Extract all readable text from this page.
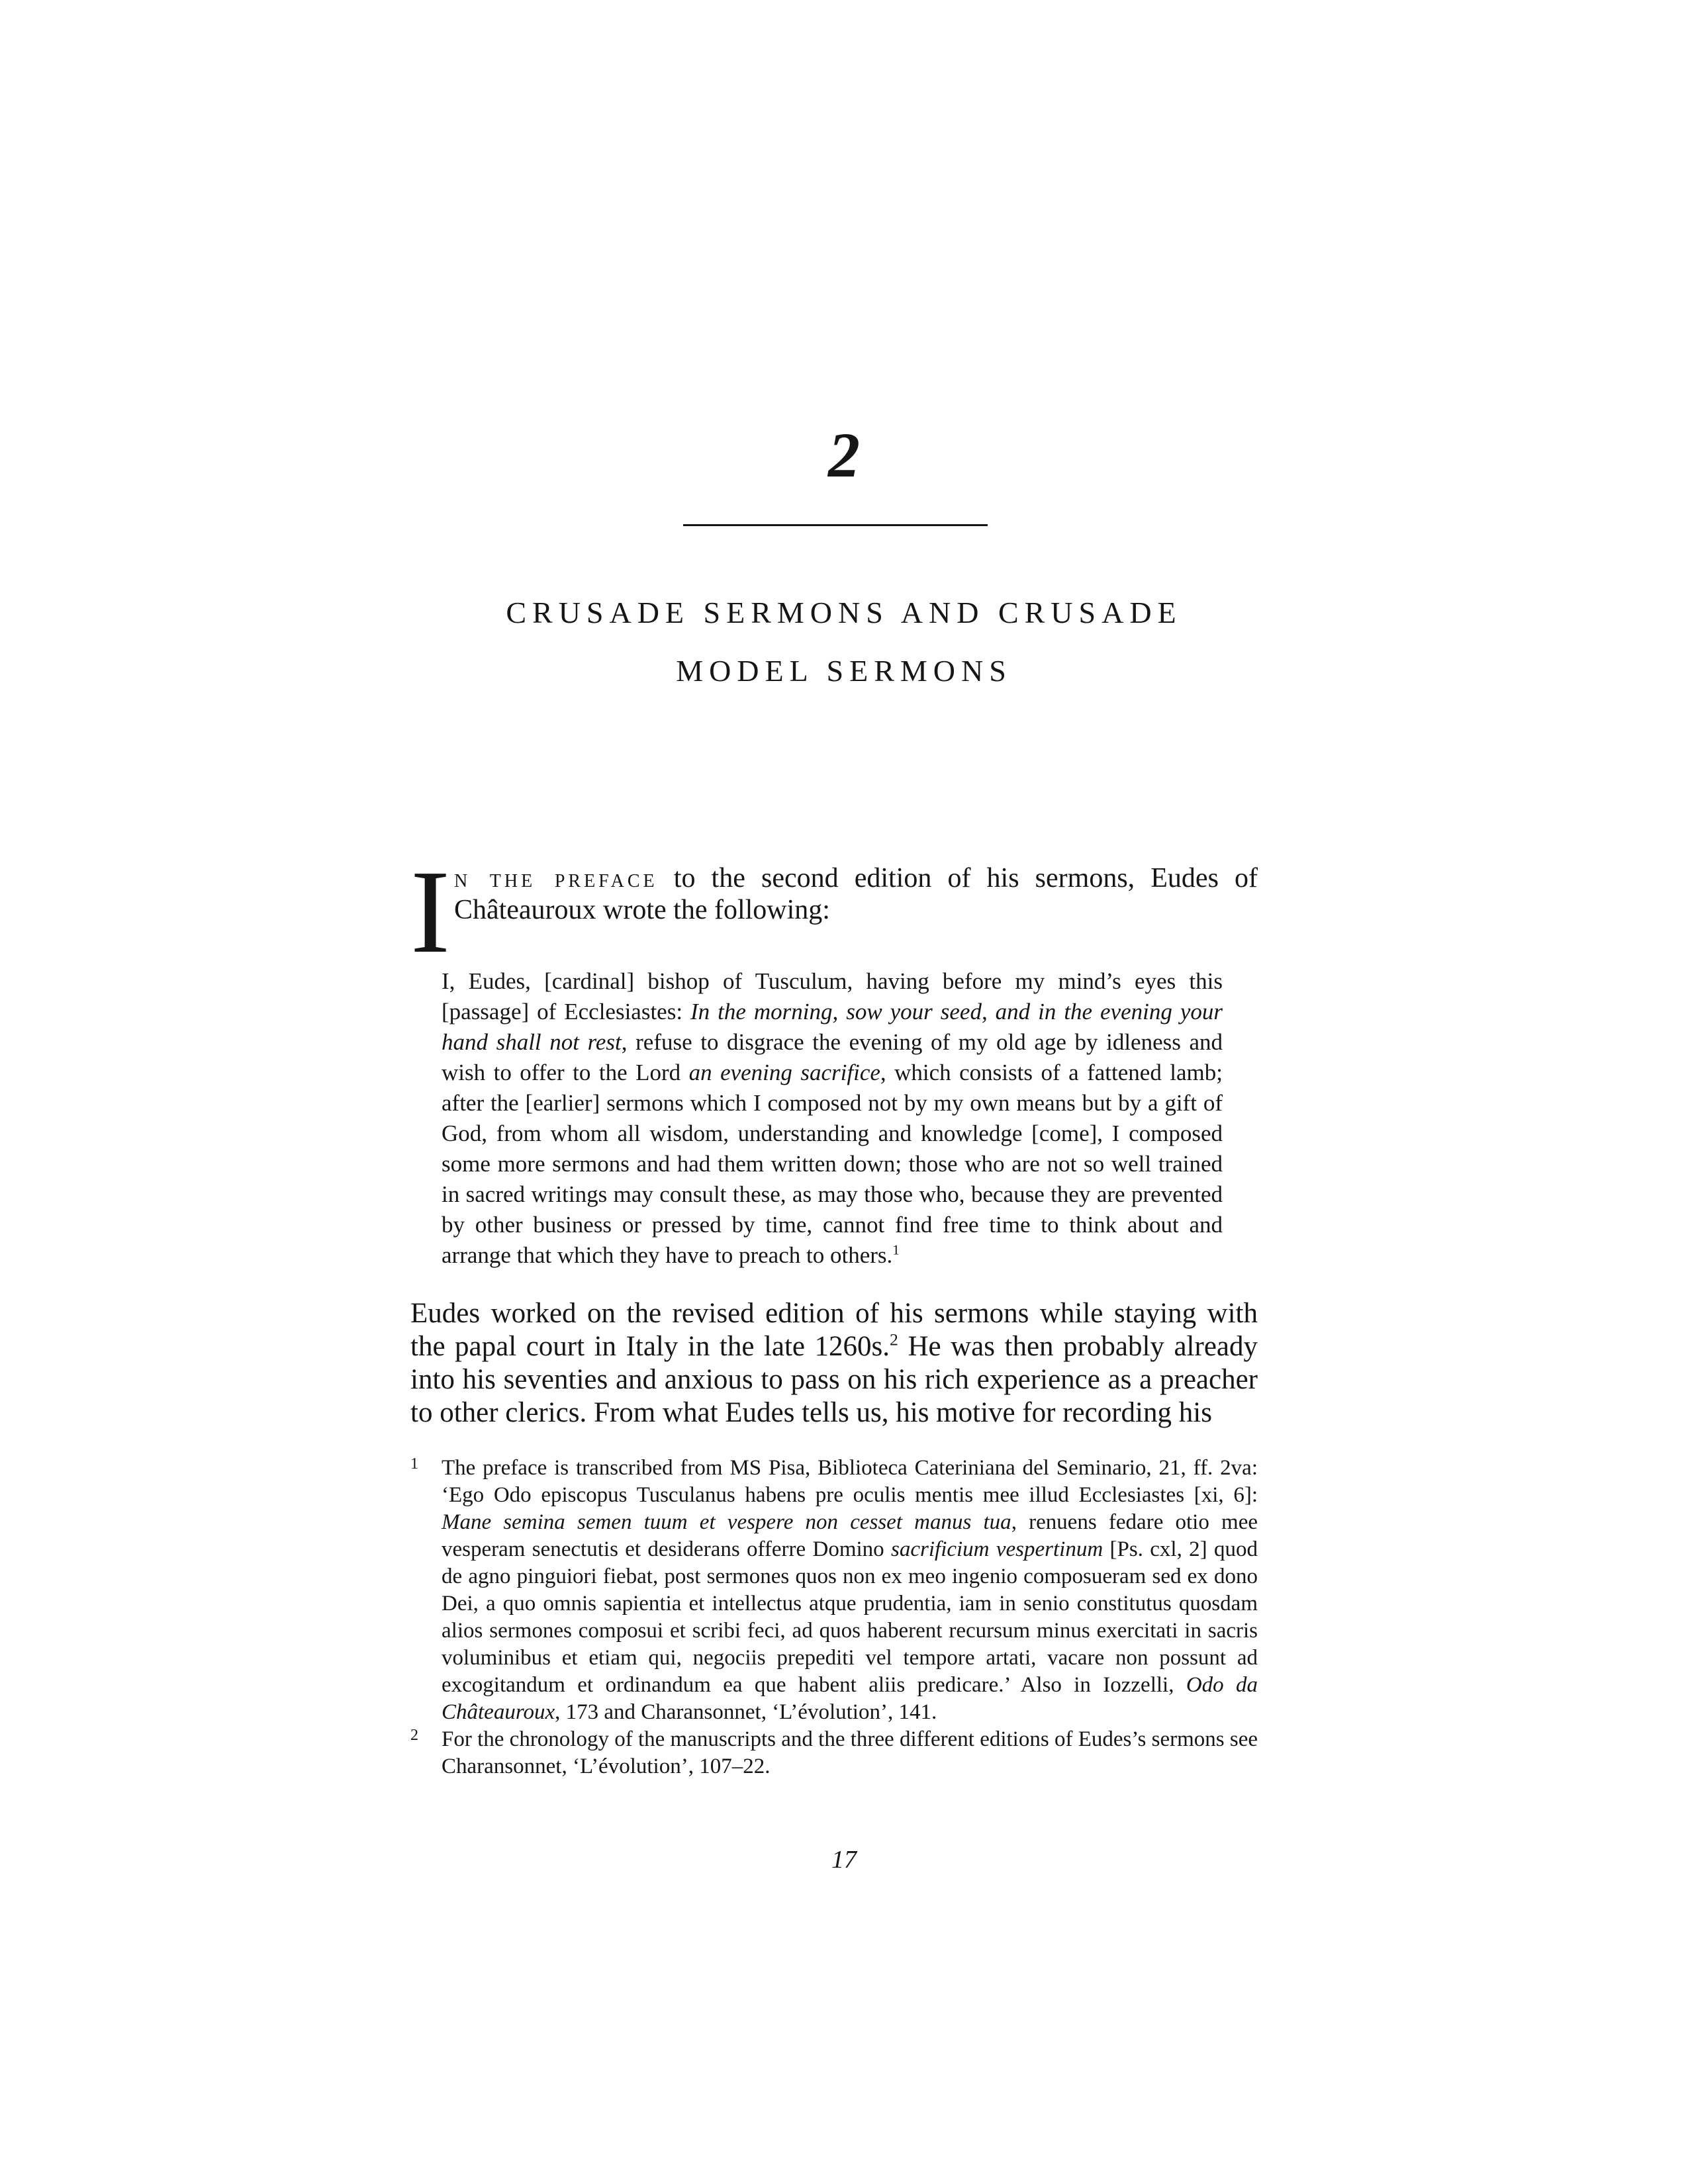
2
CRUSADE SERMONS AND CRUSADE
MODEL SERMONS
I n the preface to the second edition of his sermons, Eudes of Châteauroux wrote the following:

I, Eudes, [cardinal] bishop of Tusculum, having before my mind’s eyes this [passage] of Ecclesiastes: In the morning, sow your seed, and in the evening your hand shall not rest, refuse to disgrace the evening of my old age by idleness and wish to offer to the Lord an evening sacrifice, which consists of a fattened lamb; after the [earlier] sermons which I composed not by my own means but by a gift of God, from whom all wisdom, understanding and knowledge [come], I composed some more sermons and had them written down; those who are not so well trained in sacred writings may consult these, as may those who, because they are prevented by other business or pressed by time, cannot find free time to think about and arrange that which they have to preach to others.$^1$

Eudes worked on the revised edition of his sermons while staying with the papal court in Italy in the late 1260s.$^2$ He was then probably already into his seventies and anxious to pass on his rich experience as a preacher to other clerics. From what Eudes tells us, his motive for recording his

1 The preface is transcribed from MS Pisa, Biblioteca Cateriniana del Seminario, 21, ff. 2va: ‘Ego Odo episcopus Tusculanus habens pre oculis mentis mee illud Ecclesiastes [xi, 6]: Mane semina semen tuum et vespere non cesset manus tua, renuens fedare otio mee vesperam senectutis et desiderans offerre Domino sacrificium vespertinum [Ps. cxl, 2] quod de agno pinguiori fiebat, post sermones quos non ex meo ingenio composueram sed ex dono Dei, a quo omnis sapientia et intellectus atque prudentia, iam in senio constitutus quosdam alios sermones composui et scribi feci, ad quos haberent recursum minus exercitati in sacris voluminibus et etiam qui, negociis prepediti vel tempore artati, vacare non possunt ad excogitandum et ordinandum ea que habent aliis predicare.’ Also in Iozzelli, Odo da Châteauroux, 173 and Charansonnet, ‘L’évolution’, 141.

2 For the chronology of the manuscripts and the three different editions of Eudes’s sermons see Charansonnet, ‘L’évolution’, 107–22.

17
